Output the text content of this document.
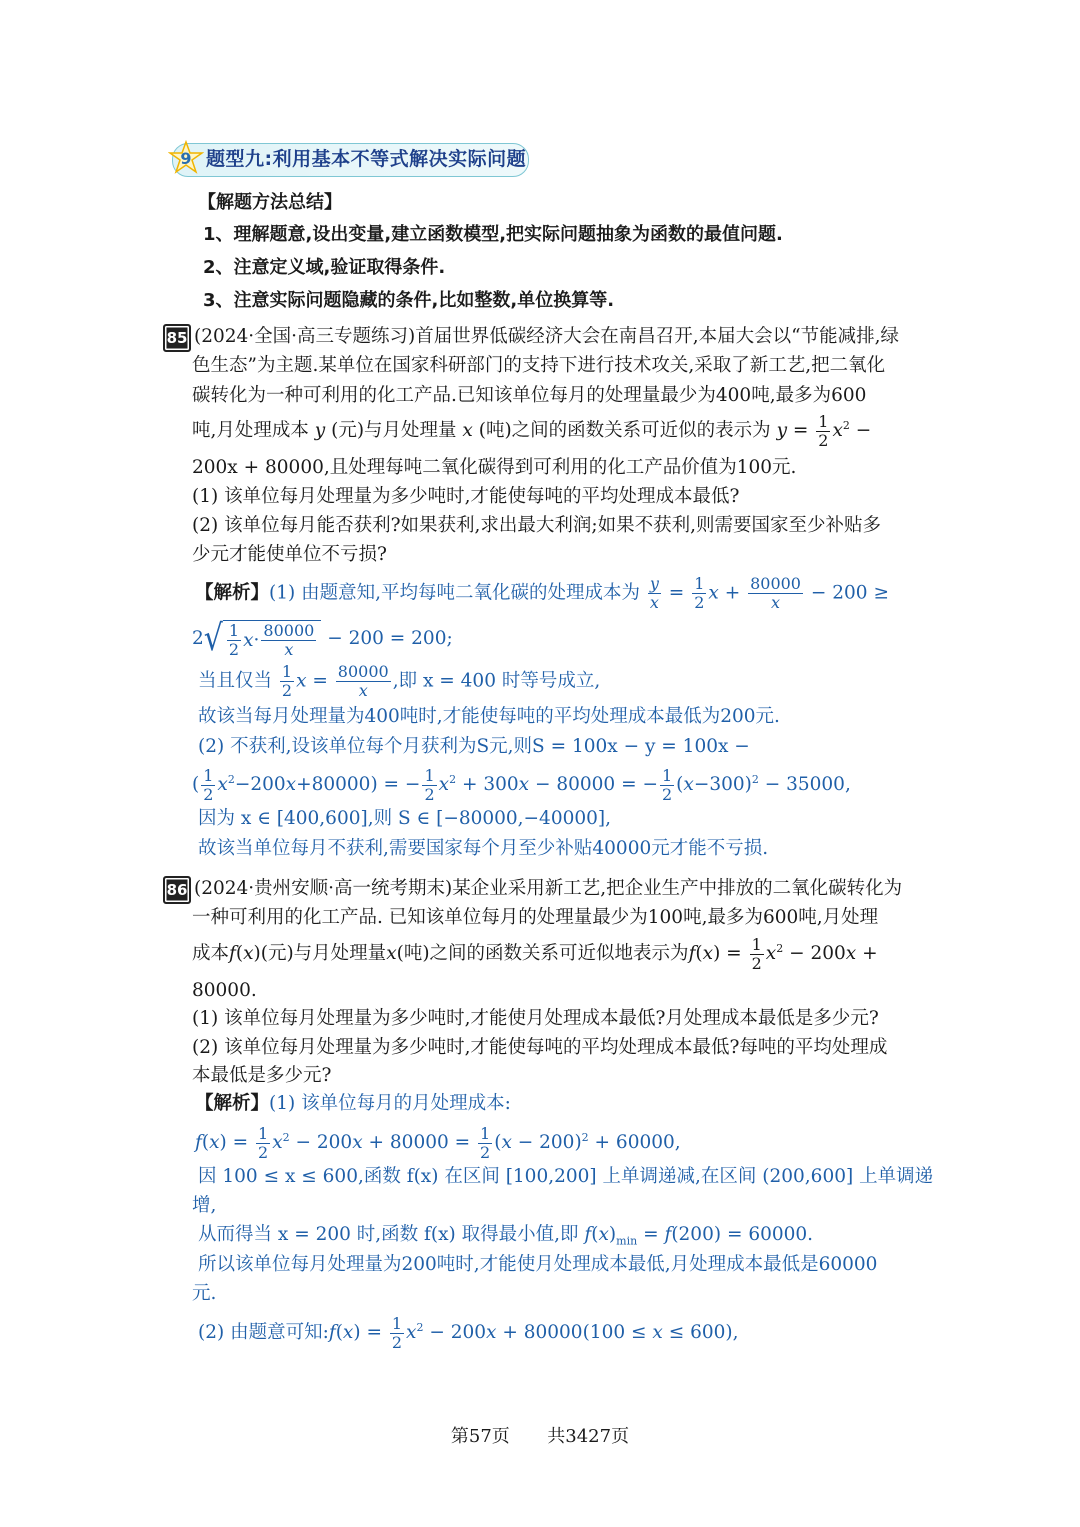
9 题型九:利用基本不等式解决实际问题
【解题方法总结】
1、理解题意,设出变量,建立函数模型,把实际问题抽象为函数的最值问题.
2、注意定义域,验证取得条件.
3、注意实际问题隐藏的条件,比如整数,单位换算等.
85 (2024·全国·高三专题练习)首届世界低碳经济大会在南昌召开,本届大会以“节能减排,绿
色生态”为主题.某单位在国家科研部门的支持下进行技术攻关,采取了新工艺,把二氧化
碳转化为一种可利用的化工产品.已知该单位每月的处理量最少为400吨,最多为600
吨,月处理成本 y (元)与月处理量 x (吨)之间的函数关系可近似的表示为 $y = \frac{1}{2} x^2$ −
200x + 80000,且处理每吨二氧化碳得到可利用的化工产品价值为100元.
(1) 该单位每月处理量为多少吨时,才能使每吨的平均处理成本最低?
(2) 该单位每月能否获利?如果获利,求出最大利润;如果不获利,则需要国家至少补贴多
少元才能使单位不亏损?
【解析】(1) 由题意知,平均每吨二氧化碳的处理成本为 $\frac{y}{x} = \frac{1}{2}$ $x + \frac{80000}{x} - 200$ ≥
2 √ $\frac{1}{2}$ $x \cdot \frac{80000}{x} - 200 = 200$;
当且仅当 $\frac{1}{2}$ $x = \frac{80000}{x}$ ,即 x = 400 时等号成立,
故该当每月处理量为400吨时,才能使每吨的平均处理成本最低为200元.
(2) 不获利,设该单位每个月获利为S元,则S = 100x − y = 100x −
( $\frac{1}{2} x^2-200x+80000$) = − $\frac{1}{2} x^2 + 300x - 80000$ = − $\frac{1}{2} (x-300)^2 - 35000$,
因为 x ∈ [400,600],则 S ∈ [−80000,−40000],
故该当单位每月不获利,需要国家每个月至少补贴40000元才能不亏损.
86 (2024·贵州安顺·高一统考期末)某企业采用新工艺,把企业生产中排放的二氧化碳转化为
一种可利用的化工产品. 已知该单位每月的处理量最少为100吨,最多为600吨,月处理
成本f(x)(元)与月处理量x(吨)之间的函数关系可近似地表示为$f(x) = \frac{1}{2} x^2 - 200x$ +
80000.
(1) 该单位每月处理量为多少吨时,才能使月处理成本最低?月处理成本最低是多少元?
(2) 该单位每月处理量为多少吨时,才能使每吨的平均处理成本最低?每吨的平均处理成
本最低是多少元?
【解析】(1) 该单位每月的月处理成本:
$f(x) = \frac{1}{2} x^2 - 200x + 80000 = \frac{1}{2} (x - 200)^2 + 60000$,
因 100 ≤ x ≤ 600,函数 f(x) 在区间 [100,200] 上单调递减,在区间 (200,600] 上单调递
增,
从而得当 x = 200 时,函数 f(x) 取得最小值,即 $f(x)_{min} = f(200) = 60000$.
所以该单位每月处理量为200吨时,才能使月处理成本最低,月处理成本最低是60000
元.
(2) 由题意可知:f(x) = $\frac{1}{2} x^2 - 200x + 80000(100 \le x \le 600)$,
第57页 共3427页
